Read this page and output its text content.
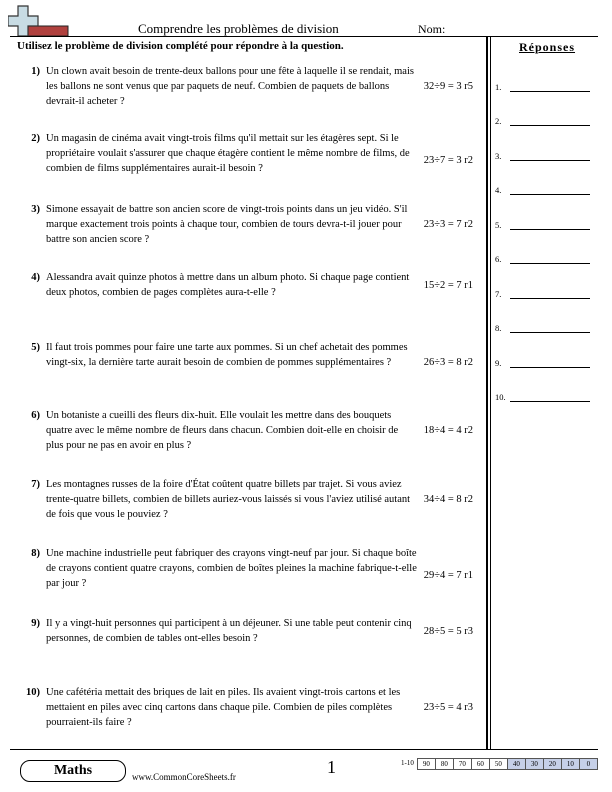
Comprendre les problèmes de division	Nom:
Utilisez le problème de division complété pour répondre à la question.	Réponses
1) Un clown avait besoin de trente-deux ballons pour une fête à laquelle il se rendait, mais les ballons ne sont venus que par paquets de neuf. Combien de paquets de ballons devrait-il acheter ?
32÷9 = 3 r5
2) Un magasin de cinéma avait vingt-trois films qu'il mettait sur les étagères sept. Si le propriétaire voulait s'assurer que chaque étagère contient le même nombre de films, de combien de films supplémentaires aurait-il besoin ?
23÷7 = 3 r2
3) Simone essayait de battre son ancien score de vingt-trois points dans un jeu vidéo. S'il marque exactement trois points à chaque tour, combien de tours devra-t-il jouer pour battre son ancien score ?
23÷3 = 7 r2
4) Alessandra avait quinze photos à mettre dans un album photo. Si chaque page contient deux photos, combien de pages complètes aura-t-elle ?
15÷2 = 7 r1
5) Il faut trois pommes pour faire une tarte aux pommes. Si un chef achetait des pommes vingt-six, la dernière tarte aurait besoin de combien de pommes supplémentaires ?	26÷3 = 8 r2
6) Un botaniste a cueilli des fleurs dix-huit. Elle voulait les mettre dans des bouquets quatre avec le même nombre de fleurs dans chacun. Combien doit-elle en choisir de plus pour ne pas en avoir en plus ?
18÷4 = 4 r2
7) Les montagnes russes de la foire d'État coûtent quatre billets par trajet. Si vous aviez trente-quatre billets, combien de billets auriez-vous laissés si vous l'aviez utilisé autant de fois que vous le pouviez ?
34÷4 = 8 r2
8) Une machine industrielle peut fabriquer des crayons vingt-neuf par jour. Si chaque boîte de crayons contient quatre crayons, combien de boîtes pleines la machine fabrique-t-elle par jour ?
29÷4 = 7 r1
9) Il y a vingt-huit personnes qui participent à un déjeuner. Si une table peut contenir cinq personnes, de combien de tables ont-elles besoin ?
28÷5 = 5 r3
10) Une cafétéria mettait des briques de lait en piles. Ils avaient vingt-trois cartons et les mettaient en piles avec cinq cartons dans chaque pile. Combien de piles complètes pourraient-ils faire ?
23÷5 = 4 r3
1.
2.
3.
4.
5.
6.
7.
8.
9.
10.
Maths	www.CommonCoreSheets.fr	1	1-10	90	80	70	60	50	40	30	20	10	0
